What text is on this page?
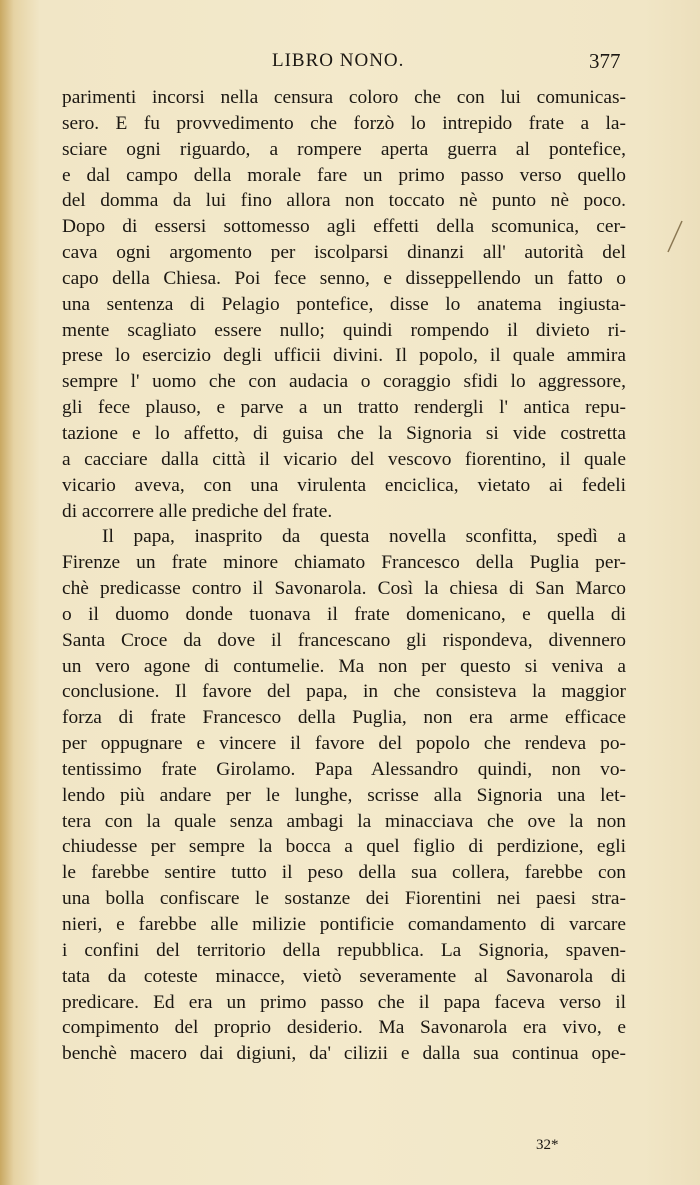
LIBRO NONO.	377
parimenti incorsi nella censura coloro che con lui comunicas-
sero. E fu provvedimento che forzò lo intrepido frate a la-
sciare ogni riguardo, a rompere aperta guerra al pontefice,
e dal campo della morale fare un primo passo verso quello
del domma da lui fino allora non toccato nè punto nè poco.
Dopo di essersi sottomesso agli effetti della scomunica, cer-
cava ogni argomento per iscolparsi dinanzi all' autorità del
capo della Chiesa. Poi fece senno, e disseppellendo un fatto o
una sentenza di Pelagio pontefice, disse lo anatema ingiusta-
mente scagliato essere nullo; quindi rompendo il divieto ri-
prese lo esercizio degli ufficii divini. Il popolo, il quale ammira
sempre l' uomo che con audacia o coraggio sfidi lo aggressore,
gli fece plauso, e parve a un tratto rendergli l' antica repu-
tazione e lo affetto, di guisa che la Signoria si vide costretta
a cacciare dalla città il vicario del vescovo fiorentino, il quale
vicario aveva, con una virulenta enciclica, vietato ai fedeli
di accorrere alle prediche del frate.
Il papa, inasprito da questa novella sconfitta, spedì a
Firenze un frate minore chiamato Francesco della Puglia per-
chè predicasse contro il Savonarola. Così la chiesa di San Marco
o il duomo donde tuonava il frate domenicano, e quella di
Santa Croce da dove il francescano gli rispondeva, divennero
un vero agone di contumelie. Ma non per questo si veniva a
conclusione. Il favore del papa, in che consisteva la maggior
forza di frate Francesco della Puglia, non era arme efficace
per oppugnare e vincere il favore del popolo che rendeva po-
tentissimo frate Girolamo. Papa Alessandro quindi, non vo-
lendo più andare per le lunghe, scrisse alla Signoria una let-
tera con la quale senza ambagi la minacciava che ove la non
chiudesse per sempre la bocca a quel figlio di perdizione, egli
le farebbe sentire tutto il peso della sua collera, farebbe con
una bolla confiscare le sostanze dei Fiorentini nei paesi stra-
nieri, e farebbe alle milizie pontificie comandamento di varcare
i confini del territorio della repubblica. La Signoria, spaven-
tata da coteste minacce, vietò severamente al Savonarola di
predicare. Ed era un primo passo che il papa faceva verso il
compimento del proprio desiderio. Ma Savonarola era vivo, e
benchè macero dai digiuni, da' cilizii e dalla sua continua ope-
32*
